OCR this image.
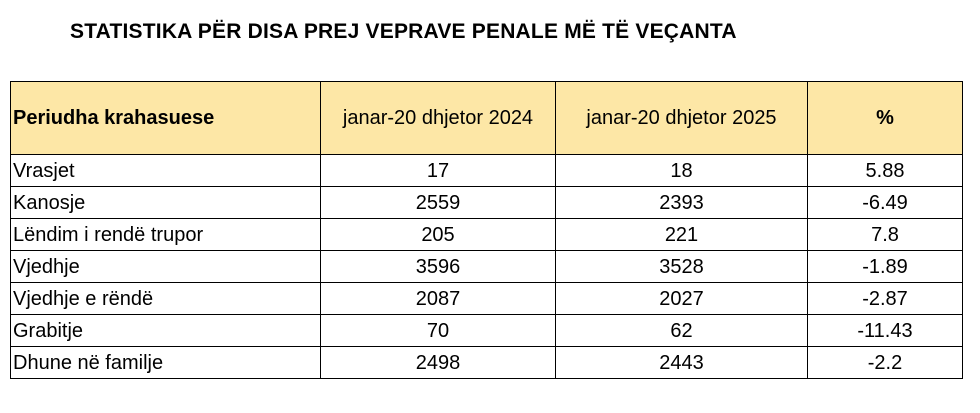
STATISTIKA PËR DISA PREJ VEPRAVE PENALE MË TË VEÇANTA
Periudha krahasuese	janar-20 dhjetor 2024	janar-20 dhjetor 2025	%
Vrasjet	17	18	5.88
Kanosje	2559	2393	-6.49
Lëndim i rendë trupor	205	221	7.8
Vjedhje	3596	3528	-1.89
Vjedhje e rëndë	2087	2027	-2.87
Grabitje	70	62	-11.43
Dhune në familje	2498	2443	-2.2
